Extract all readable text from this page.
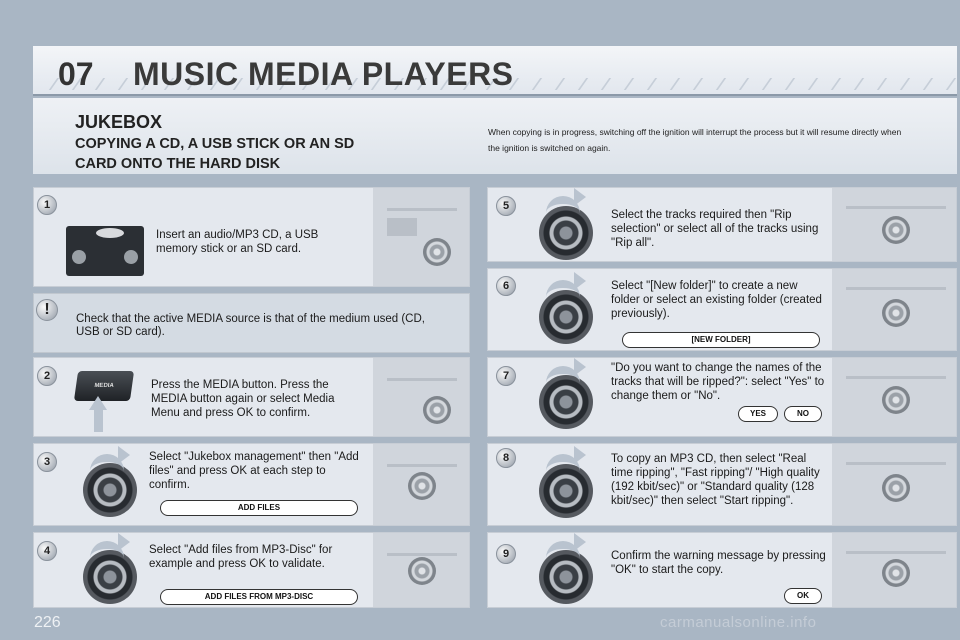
07 MUSIC MEDIA PLAYERS
JUKEBOX
COPYING A CD, A USB STICK OR AN SD CARD ONTO THE HARD DISK
When copying is in progress, switching off the ignition will interrupt the process but it will resume directly when the ignition is switched on again.
Insert an audio/MP3 CD, a USB memory stick or an SD card.
1
!
Check that the active MEDIA source is that of the medium used (CD, USB or SD card).
Press the MEDIA button. Press the MEDIA button again or select Media Menu and press OK to confirm.
2
MEDIA
Select "Jukebox management" then "Add files" and press OK at each step to confirm.
ADD FILES
3
Select "Add files from MP3-Disc" for example and press OK to validate.
ADD FILES FROM MP3-DISC
4
Select the tracks required then "Rip selection" or select all of the tracks using "Rip all".
5
Select "[New folder]" to create a new folder or select an existing folder (created previously).
[NEW FOLDER]
6
"Do you want to change the names of the tracks that will be ripped?": select "Yes" to change them or "No".
YES	NO
7
To copy an MP3 CD, then select "Real time ripping", "Fast ripping"/ "High quality (192 kbit/sec)" or "Standard quality (128 kbit/sec)" then select "Start ripping".
8
Confirm the warning message by pressing "OK" to start the copy.
OK
9
226	carmanualsonline.info
